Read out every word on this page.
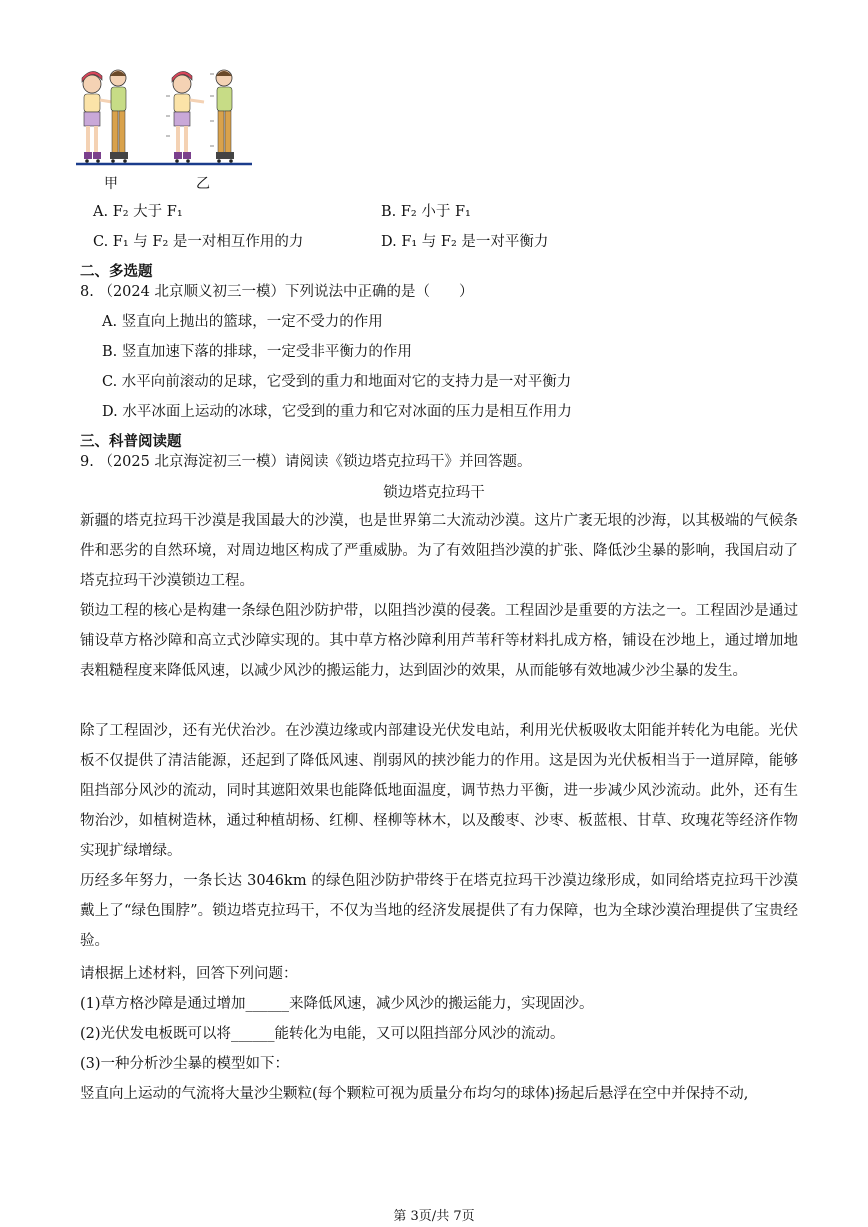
甲	乙
A. F₂ 大于 F₁	B. F₂ 小于 F₁
C. F₁ 与 F₂ 是一对相互作用的力	D. F₁ 与 F₂ 是一对平衡力
二、多选题
8. （2024 北京顺义初三一模）下列说法中正确的是（　　）
A. 竖直向上抛出的篮球，一定不受力的作用
B. 竖直加速下落的排球，一定受非平衡力的作用
C. 水平向前滚动的足球，它受到的重力和地面对它的支持力是一对平衡力
D. 水平冰面上运动的冰球，它受到的重力和它对冰面的压力是相互作用力
三、科普阅读题
9. （2025 北京海淀初三一模）请阅读《锁边塔克拉玛干》并回答题。
锁边塔克拉玛干
新疆的塔克拉玛干沙漠是我国最大的沙漠，也是世界第二大流动沙漠。这片广袤无垠的沙海，以其极端的气候条件和恶劣的自然环境，对周边地区构成了严重威胁。为了有效阻挡沙漠的扩张、降低沙尘暴的影响，我国启动了塔克拉玛干沙漠锁边工程。
锁边工程的核心是构建一条绿色阻沙防护带，以阻挡沙漠的侵袭。工程固沙是重要的方法之一。工程固沙是通过铺设草方格沙障和高立式沙障实现的。其中草方格沙障利用芦苇秆等材料扎成方格，铺设在沙地上，通过增加地表粗糙程度来降低风速，以减少风沙的搬运能力，达到固沙的效果，从而能够有效地减少沙尘暴的发生。
除了工程固沙，还有光伏治沙。在沙漠边缘或内部建设光伏发电站，利用光伏板吸收太阳能并转化为电能。光伏板不仅提供了清洁能源，还起到了降低风速、削弱风的挟沙能力的作用。这是因为光伏板相当于一道屏障，能够阻挡部分风沙的流动，同时其遮阳效果也能降低地面温度，调节热力平衡，进一步减少风沙流动。此外，还有生物治沙，如植树造林，通过种植胡杨、红柳、柽柳等林木，以及酸枣、沙枣、板蓝根、甘草、玫瑰花等经济作物实现扩绿增绿。
历经多年努力，一条长达 3046km 的绿色阻沙防护带终于在塔克拉玛干沙漠边缘形成，如同给塔克拉玛干沙漠戴上了“绿色围脖”。锁边塔克拉玛干，不仅为当地的经济发展提供了有力保障，也为全球沙漠治理提供了宝贵经验。
请根据上述材料，回答下列问题：
(1)草方格沙障是通过增加______来降低风速，减少风沙的搬运能力，实现固沙。
(2)光伏发电板既可以将______能转化为电能，又可以阻挡部分风沙的流动。
(3)一种分析沙尘暴的模型如下：
竖直向上运动的气流将大量沙尘颗粒(每个颗粒可视为质量分布均匀的球体)扬起后悬浮在空中并保持不动,
第 3页/共 7页
